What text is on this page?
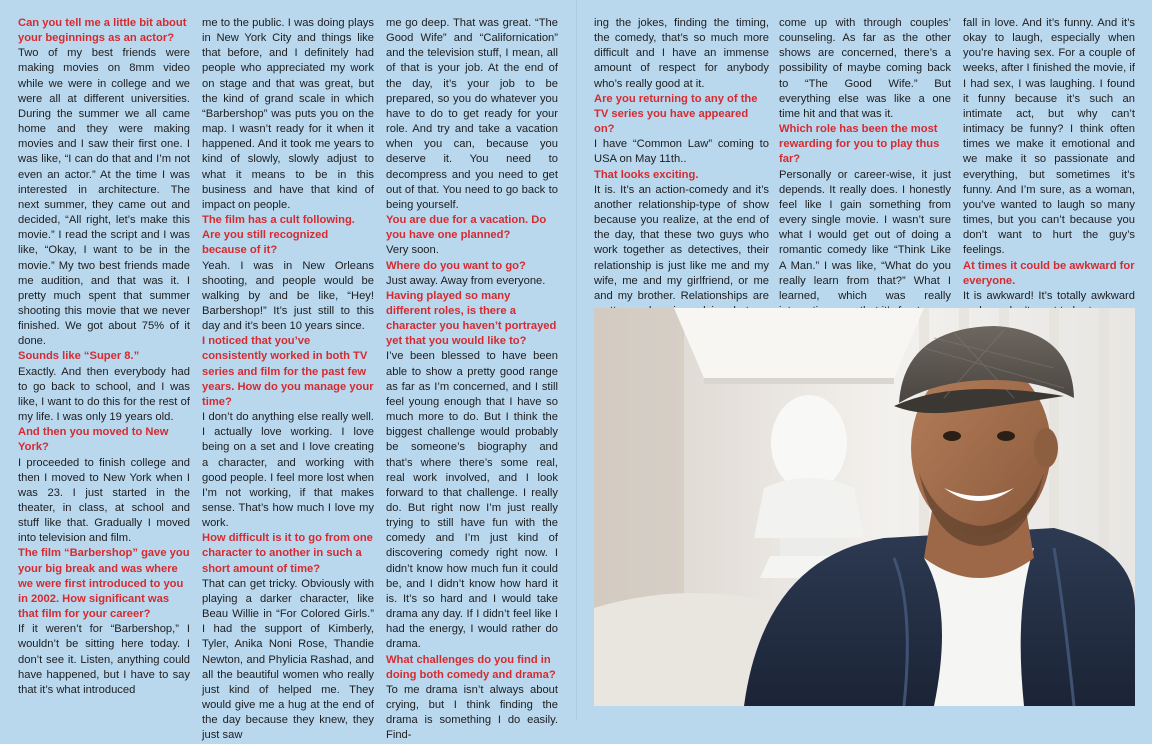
Can you tell me a little bit about your beginnings as an actor?

Two of my best friends were making movies on 8mm video while we were in college and we were all at different universities. During the summer we all came home and they were making movies and I saw their first one. I was like, “I can do that and I’m not even an actor.” At the time I was interested in architecture. The next summer, they came out and decided, “All right, let’s make this movie.” I read the script and I was like, “Okay, I want to be in the movie.” My two best friends made me audition, and that was it. I pretty much spent that summer shooting this movie that we never finished. We got about 75% of it done.

Sounds like “Super 8.”

Exactly. And then everybody had to go back to school, and I was like, I want to do this for the rest of my life. I was only 19 years old.

And then you moved to New York?

I proceeded to finish college and then I moved to New York when I was 23. I just started in the theater, in class, at school and stuff like that. Gradually I moved into television and film.

The film “Barbershop” gave you your big break and was where we were first introduced to you in 2002. How significant was that film for your career?

If it weren’t for “Barbershop,” I wouldn’t be sitting here today. I don’t see it. Listen, anything could have happened, but I have to say that it’s what introduced

me to the public. I was doing plays in New York City and things like that before, and I definitely had people who appreciated my work on stage and that was great, but the kind of grand scale in which “Barbershop” was puts you on the map. I wasn’t ready for it when it happened. And it took me years to kind of slowly, slowly adjust to what it means to be in this business and have that kind of impact on people.

The film has a cult following. Are you still recognized because of it?

Yeah. I was in New Orleans shooting, and people would be walking by and be like, “Hey! Barbershop!” It’s just still to this day and it’s been 10 years since.

I noticed that you’ve consistently worked in both TV series and film for the past few years. How do you manage your time?

I don’t do anything else really well. I actually love working. I love being on a set and I love creating a character, and working with good people. I feel more lost when I’m not working, if that makes sense. That’s how much I love my work.

How difficult is it to go from one character to another in such a short amount of time?

That can get tricky. Obviously with playing a darker character, like Beau Willie in “For Colored Girls.” I had the support of Kimberly, Tyler, Anika Noni Rose, Thandie Newton, and Phylicia Rashad, and all the beautiful women who really just kind of helped me. They would give me a hug at the end of the day because they knew, they just saw

me go deep. That was great. “The Good Wife” and “Californication” and the television stuff, I mean, all of that is your job. At the end of the day, it’s your job to be prepared, so you do whatever you have to do to get ready for your role. And try and take a vacation when you can, because you deserve it. You need to decompress and you need to get out of that. You need to go back to being yourself.

You are due for a vacation. Do you have one planned?

Very soon.

Where do you want to go?

Just away. Away from everyone.

Having played so many different roles, is there a character you haven’t portrayed yet that you would like to?

I’ve been blessed to have been able to show a pretty good range as far as I’m concerned, and I still feel young enough that I have so much more to do. But I think the biggest challenge would probably be someone’s biography and that’s where there’s some real, real work involved, and I look forward to that challenge. I really do. But right now I’m just really trying to still have fun with the comedy and I’m just kind of discovering comedy right now. I didn’t know how much fun it could be, and I didn’t know how hard it is. It’s so hard and I would take drama any day. If I didn’t feel like I had the energy, I would rather do drama.

What challenges do you find in doing both comedy and drama?

To me drama isn’t always about crying, but I think finding the drama is something I do easily. Find-

ing the jokes, finding the timing, the comedy, that’s so much more difficult and I have an immense amount of respect for anybody who’s really good at it.

Are you returning to any of the TV series you have appeared on?

I have “Common Law” coming to USA on May 11th..

That looks exciting.

It is. It’s an action-comedy and it’s another relationship-type of show because you realize, at the end of the day, that these two guys who work together as detectives, their relationship is just like me and my wife, me and my girlfriend, or me and my brother. Relationships are

come up with through couples’ counseling. As far as the other shows are concerned, there’s a possibility of maybe coming back to “The Good Wife.” But everything else was like a one time hit and that was it.

Which role has been the most rewarding for you to play thus far?

Personally or career-wise, it just depends. It really does. I honestly feel like I gain something from every single movie. I wasn’t sure what I would get out of doing a romantic comedy like “Think Like A Man.” I was like, “What do you really learn from that?” What I learned, which was really

fall in love. And it’s funny. And it’s okay to laugh, especially when you’re having sex. For a couple of weeks, after I finished the movie, if I had sex, I was laughing. I found it funny because it’s such an intimate act, but why can’t intimacy be funny? I think often times we make it emotional and we make it so passionate and everything, but sometimes it’s funny. And I’m sure, as a woman, you’ve wanted to laugh so many times, but you can’t because you don’t want to hurt the guy’s feelings.

At times it could be awkward for everyone.

It is awkward! It’s totally awkward
